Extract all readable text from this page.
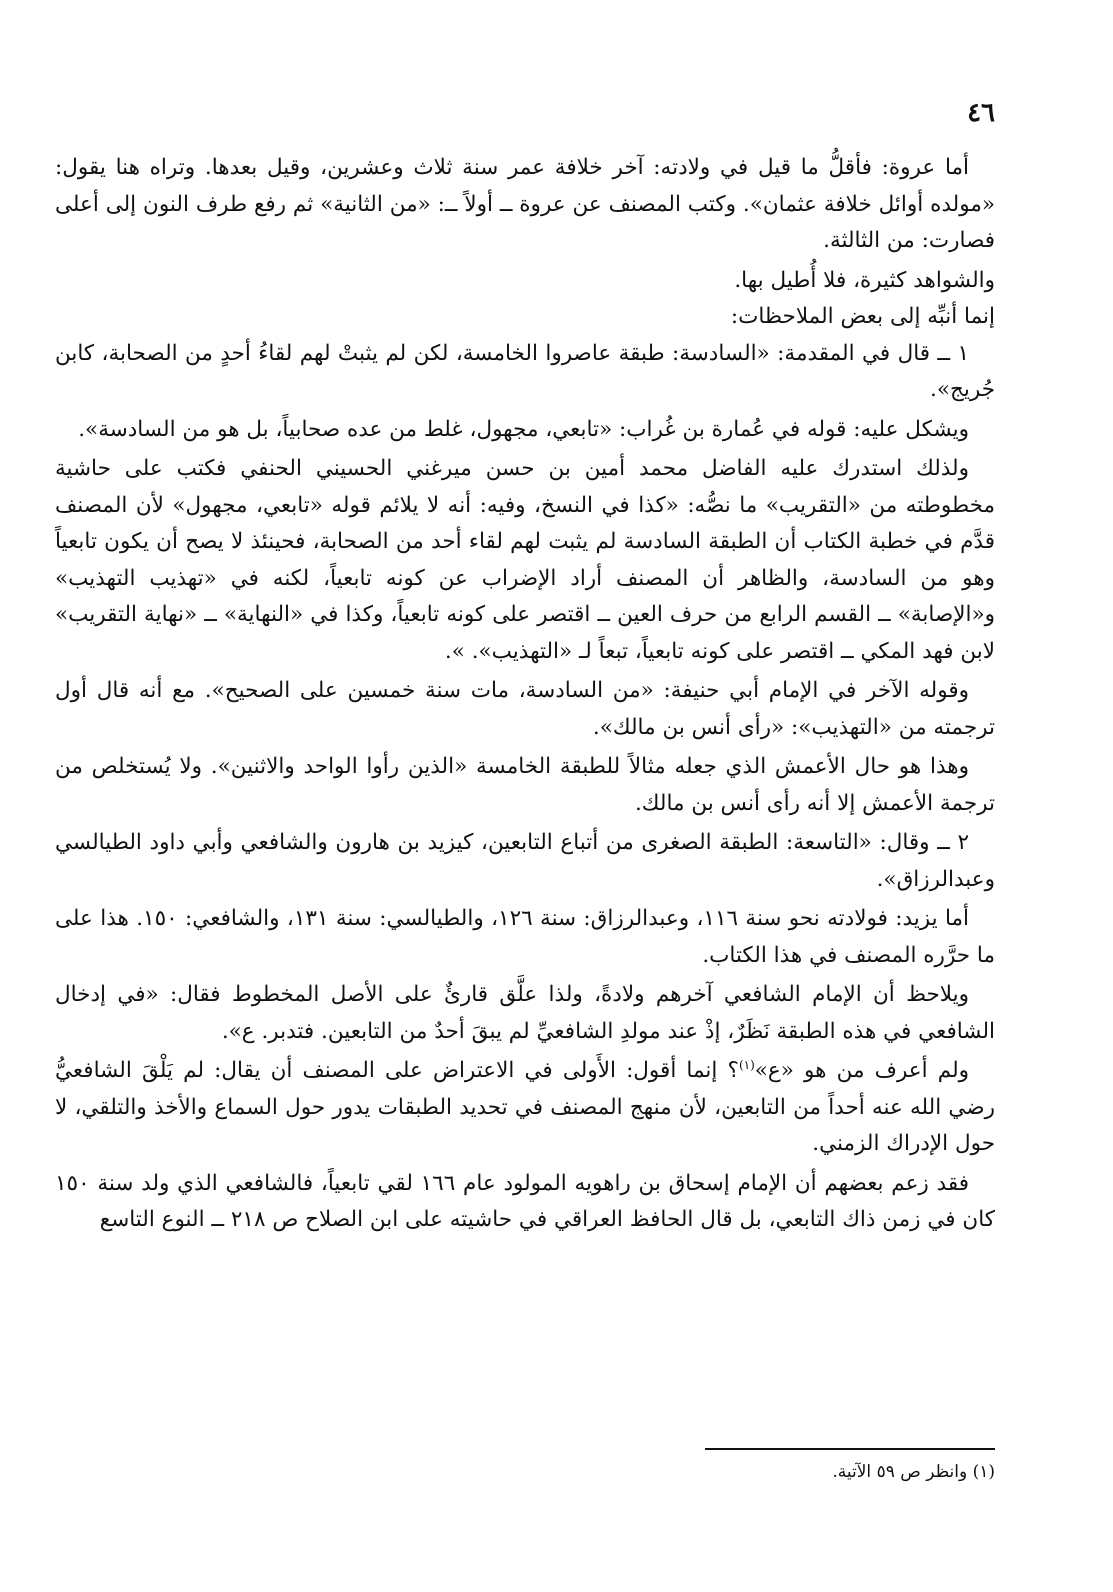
٤٦

أما عروة: فأقلُّ ما قيل في ولادته: آخر خلافة عمر سنة ثلاث وعشرين، وقيل بعدها. وتراه هنا يقول: «مولده أوائل خلافة عثمان». وكتب المصنف عن عروة ــ أولاً ــ: «من الثانية» ثم رفع طرف النون إلى أعلى فصارت: من الثالثة.

والشواهد كثيرة، فلا أُطيل بها.

إنما أنبِّه إلى بعض الملاحظات:

١ ــ قال في المقدمة: «السادسة: طبقة عاصروا الخامسة، لكن لم يثبتْ لهم لقاءُ أحدٍ من الصحابة، كابن جُريج».

ويشكل عليه: قوله في عُمارة بن غُراب: «تابعي، مجهول، غلط من عده صحابياً، بل هو من السادسة».

ولذلك استدرك عليه الفاضل محمد أمين بن حسن ميرغني الحسيني الحنفي فكتب على حاشية مخطوطته من «التقريب» ما نصُّه: «كذا في النسخ، وفيه: أنه لا يلائم قوله «تابعي، مجهول» لأن المصنف قدَّم في خطبة الكتاب أن الطبقة السادسة لم يثبت لهم لقاء أحد من الصحابة، فحينئذ لا يصح أن يكون تابعياً وهو من السادسة، والظاهر أن المصنف أراد الإضراب عن كونه تابعياً، لكنه في «تهذيب التهذيب» و«الإصابة» ــ القسم الرابع من حرف العين ــ اقتصر على كونه تابعياً، وكذا في «النهاية» ــ «نهاية التقريب» لابن فهد المكي ــ اقتصر على كونه تابعياً، تبعاً لـ «التهذيب». ».

وقوله الآخر في الإمام أبي حنيفة: «من السادسة، مات سنة خمسين على الصحيح». مع أنه قال أول ترجمته من «التهذيب»: «رأى أنس بن مالك».

وهذا هو حال الأعمش الذي جعله مثالاً للطبقة الخامسة «الذين رأوا الواحد والاثنين». ولا يُستخلص من ترجمة الأعمش إلا أنه رأى أنس بن مالك.

٢ ــ وقال: «التاسعة: الطبقة الصغرى من أتباع التابعين، كيزيد بن هارون والشافعي وأبي داود الطيالسي وعبدالرزاق».

أما يزيد: فولادته نحو سنة ١١٦، وعبدالرزاق: سنة ١٢٦، والطيالسي: سنة ١٣١، والشافعي: ١٥٠. هذا على ما حرَّره المصنف في هذا الكتاب.

ويلاحظ أن الإمام الشافعي آخرهم ولادةً، ولذا علَّق قارئٌ على الأصل المخطوط فقال: «في إدخال الشافعي في هذه الطبقة نَظَرٌ، إذْ عند مولدِ الشافعيِّ لم يبقَ أحدٌ من التابعين. فتدبر. ع».

ولم أعرف من هو «ع»$^{(١)}$؟ إنما أقول: الأَولى في الاعتراض على المصنف أن يقال: لم يَلْقَ الشافعيُّ رضي الله عنه أحداً من التابعين، لأن منهج المصنف في تحديد الطبقات يدور حول السماع والأخذ والتلقي، لا حول الإدراك الزمني.

فقد زعم بعضهم أن الإمام إسحاق بن راهويه المولود عام ١٦٦ لقي تابعياً، فالشافعي الذي ولد سنة ١٥٠ كان في زمن ذاك التابعي، بل قال الحافظ العراقي في حاشيته على ابن الصلاح ص ٢١٨ ــ النوع التاسع

(١) وانظر ص ٥٩ الآتية.
